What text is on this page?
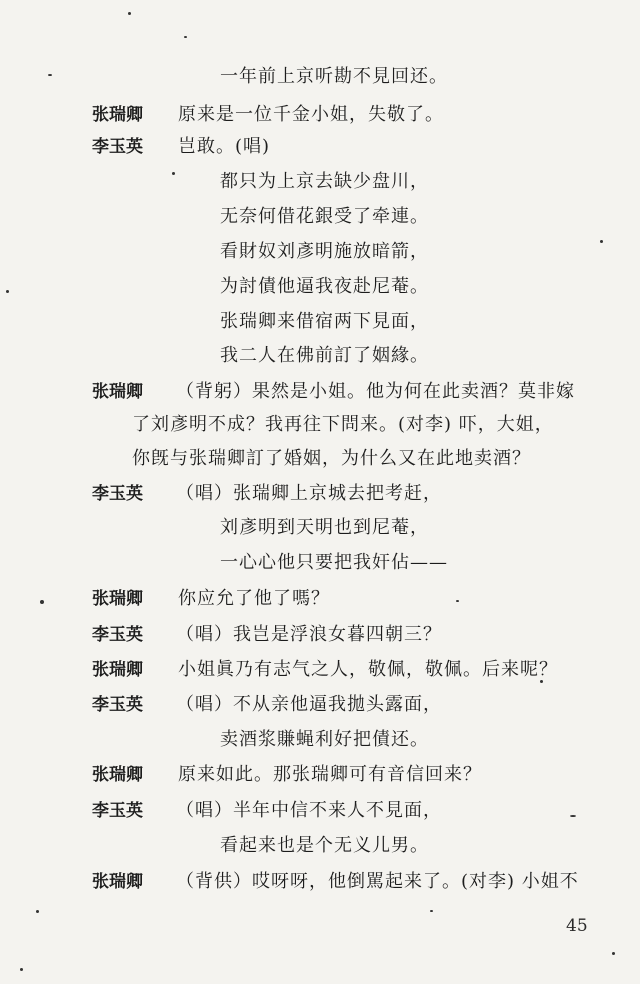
一年前上京听勘不見回还。
张瑞卿 原来是一位千金小姐，失敬了。
李玉英 岂敢。(唱)
都只为上京去缺少盘川，
无奈何借花銀受了牵連。
看財奴刘彥明施放暗箭，
为討債他逼我夜赴尼菴。
张瑞卿来借宿两下見面，
我二人在佛前訂了姻緣。
张瑞卿 （背躬）果然是小姐。他为何在此卖酒？莫非嫁
了刘彥明不成？我再往下問来。(对李) 吓，大姐，
你旣与张瑞卿訂了婚姻，为什么又在此地卖酒？
李玉英 （唱）张瑞卿上京城去把考赶，
刘彥明到天明也到尼菴，
一心心他只要把我奸佔——
张瑞卿 你应允了他了嗎？
李玉英 （唱）我岂是浮浪女暮四朝三？
张瑞卿 小姐眞乃有志气之人，敬佩，敬佩。后来呢？
李玉英 （唱）不从亲他逼我拋头露面，
卖酒浆賺蝇利好把債还。
张瑞卿 原来如此。那张瑞卿可有音信回来？
李玉英 （唱）半年中信不来人不見面，
看起来也是个无义儿男。
张瑞卿 （背供）哎呀呀，他倒駡起来了。(对李) 小姐不
45
